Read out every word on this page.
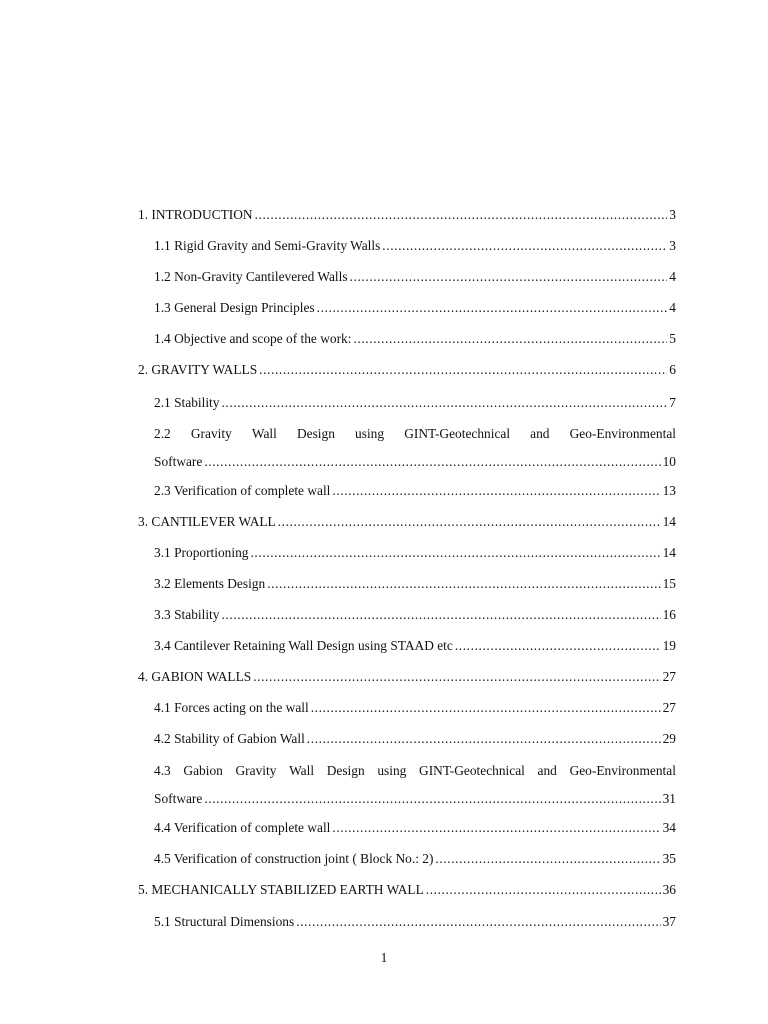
1. INTRODUCTION .....	3
1.1 Rigid Gravity and Semi-Gravity Walls .....	3
1.2 Non-Gravity Cantilevered Walls .....	4
1.3 General Design Principles .....	4
1.4 Objective and scope of the work: .....	5
2. GRAVITY WALLS .....	6
2.1 Stability .....	7
2.2 Gravity Wall Design using GINT-Geotechnical and Geo-Environmental
Software .....	10
2.3 Verification of complete wall .....	13
3. CANTILEVER WALL .....	14
3.1 Proportioning .....	14
3.2 Elements Design .....	15
3.3 Stability .....	16
3.4 Cantilever Retaining Wall Design using STAAD etc .....	19
4. GABION WALLS .....	27
4.1 Forces acting on the wall .....	27
4.2 Stability of Gabion Wall .....	29
4.3 Gabion Gravity Wall Design using GINT-Geotechnical and Geo-Environmental
Software .....	31
4.4 Verification of complete wall .....	34
4.5 Verification of construction joint ( Block No.: 2) .....	35
5. MECHANICALLY STABILIZED EARTH WALL .....	36
5.1 Structural Dimensions .....	37
1
